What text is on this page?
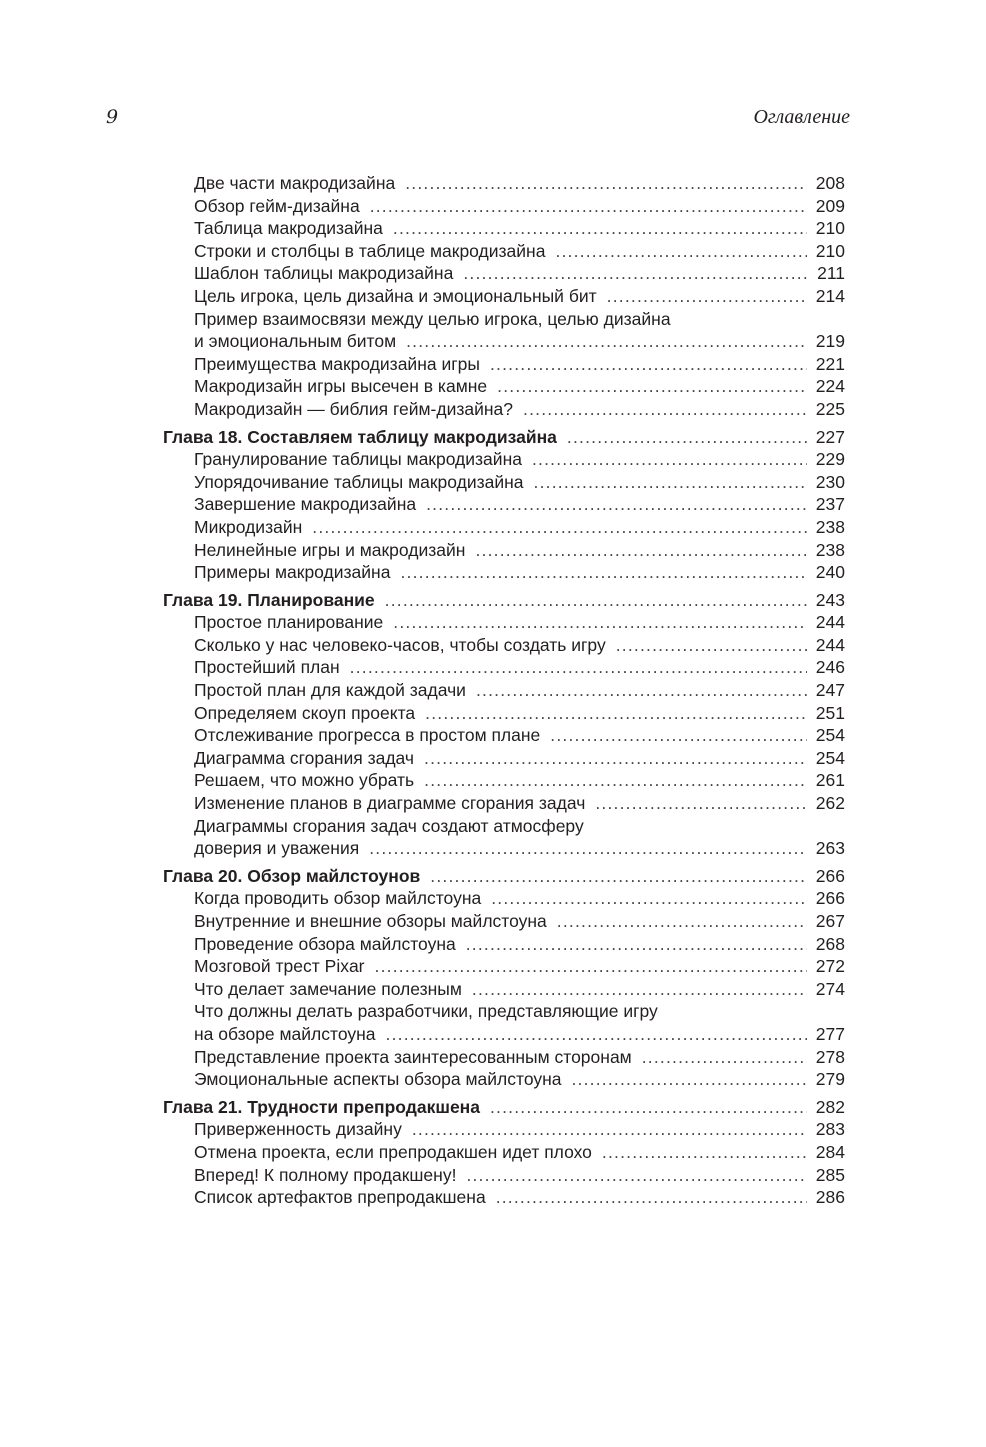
9	Оглавление
Две части макродизайна .....	208
Обзор гейм-дизайна .....	209
Таблица макродизайна .....	210
Строки и столбцы в таблице макродизайна .....	210
Шаблон таблицы макродизайна .....	211
Цель игрока, цель дизайна и эмоциональный бит .....	214
Пример взаимосвязи между целью игрока, целью дизайна
и эмоциональным битом .....	219
Преимущества макродизайна игры .....	221
Макродизайн игры высечен в камне .....	224
Макродизайн — библия гейм-дизайна? .....	225
Глава 18. Составляем таблицу макродизайна .....	227
Гранулирование таблицы макродизайна .....	229
Упорядочивание таблицы макродизайна .....	230
Завершение макродизайна .....	237
Микродизайн .....	238
Нелинейные игры и макродизайн .....	238
Примеры макродизайна .....	240
Глава 19. Планирование .....	243
Простое планирование .....	244
Сколько у нас человеко-часов, чтобы создать игру .....	244
Простейший план .....	246
Простой план для каждой задачи .....	247
Определяем скоуп проекта .....	251
Отслеживание прогресса в простом плане .....	254
Диаграмма сгорания задач .....	254
Решаем, что можно убрать .....	261
Изменение планов в диаграмме сгорания задач .....	262
Диаграммы сгорания задач создают атмосферу
доверия и уважения .....	263
Глава 20. Обзор майлстоунов .....	266
Когда проводить обзор майлстоуна .....	266
Внутренние и внешние обзоры майлстоуна .....	267
Проведение обзора майлстоуна .....	268
Мозговой трест Pixar .....	272
Что делает замечание полезным .....	274
Что должны делать разработчики, представляющие игру
на обзоре майлстоуна .....	277
Представление проекта заинтересованным сторонам .....	278
Эмоциональные аспекты обзора майлстоуна .....	279
Глава 21. Трудности препродакшена .....	282
Приверженность дизайну .....	283
Отмена проекта, если препродакшен идет плохо .....	284
Вперед! К полному продакшену! .....	285
Список артефактов препродакшена .....	286
